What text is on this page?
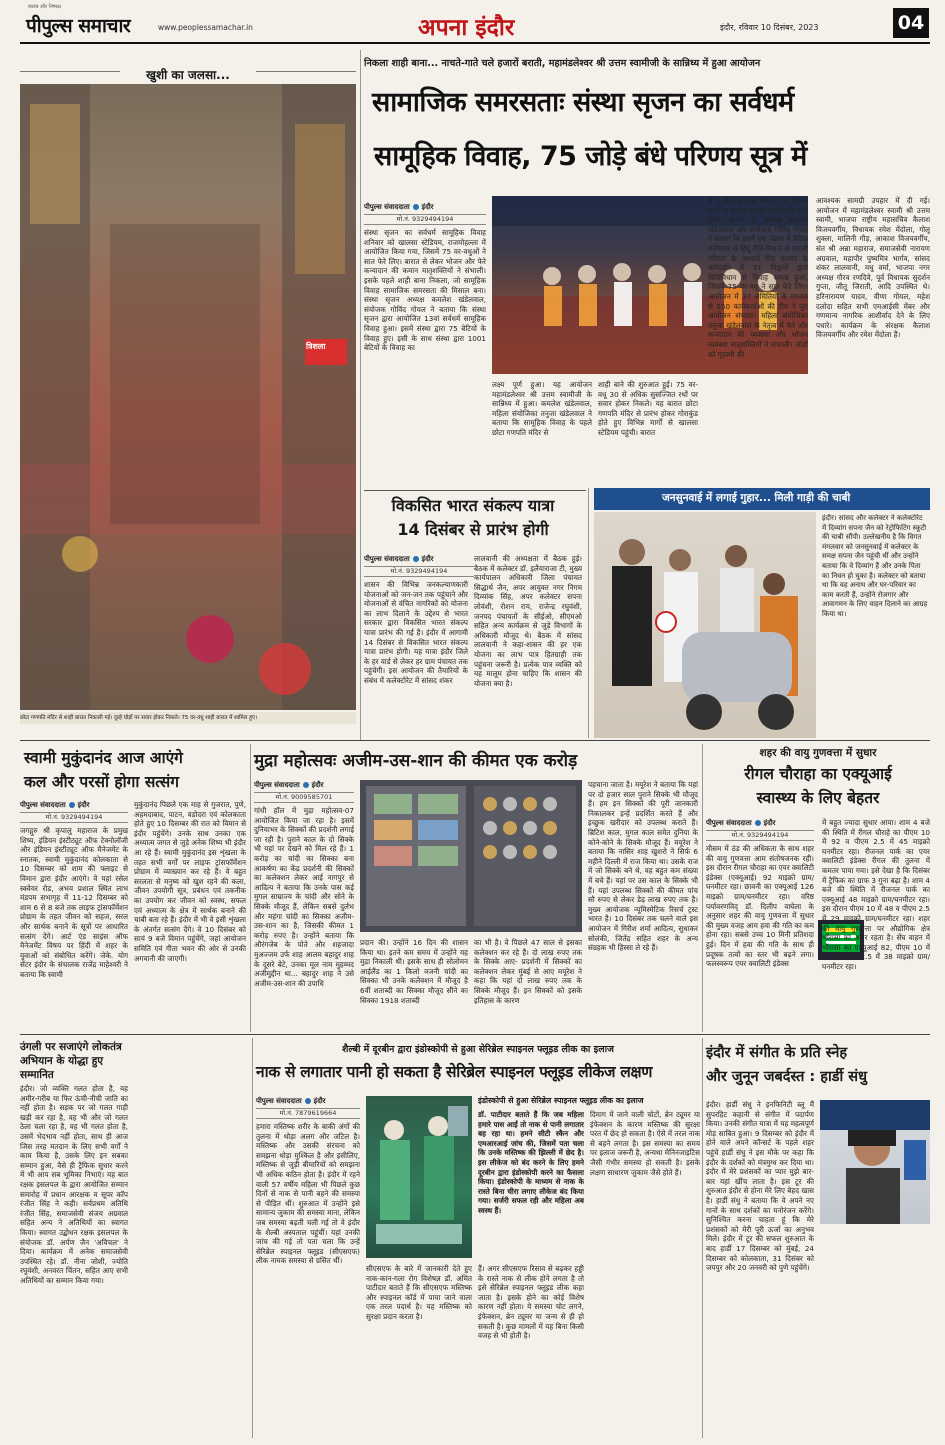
स्वतंत्र और निष्पक्ष
पीपुल्स समाचार	www.peoplessamachar.in	अपना इंदौर	इंदौर, रविवार 10 दिसंबर, 2023	04
खुशी का जलसा...
त्रिशला
छोटा गणपति मंदिर से शाही बारात निकाली गई। दूल्हे घोड़ों पर सवार होकर निकले। 75 वर-वधु शाही बारात में शामिल हुए।
निकला शाही बाना... नाचते-गाते चले हजारों बराती, महामंडलेश्वर श्री उत्तम स्वामीजी के सान्निध्य में हुआ आयोजन
सामाजिक समरसताः संस्था सृजन का सर्वधर्म
सामूहिक विवाह, 75 जोड़े बंधे परिणय सूत्र में
पीपुल्स संवाददाता इंदौर
मो.नं. 9329494194
संस्था सृजन का सर्वधर्म सामूहिक विवाह शनिवार को खालसा स्टेडियम, राजमोहल्ला में आयोजित किया गया, जिसमें 75 वर-वधुओं ने सात फेरे लिए। बारात से लेकर भोजन और फेरे कन्यादान की कमान मातृशक्तियों ने संभाली। इसके पहले शाही बाना निकला, जो सामूहिक विवाह सामाजिक समरसता की मिसाल बना। संस्था सृजन अध्यक्ष कमलेश खंडेलवाल, संयोजक गोविंद गोयल ने बताया कि संस्था सृजन द्वारा आयोजित 13वां सर्वधर्म सामूहिक विवाह हुआ। इसमें संस्था द्वारा 75 बेटियों के विवाह हुए। इसी के साथ संस्था द्वारा 1001 बेटियों के विवाह का
लक्ष्य पूर्ण हुआ। यह आयोजन महामंडलेश्वर श्री उत्तम स्वामीजी के सान्निध्य में हुआ। कमलेश खंडेलवाल, महिला संयोजिका तनुजा खंडेलवाल ने बताया कि सामूहिक विवाह के पहले छोटा गणपति मंदिर से
शाही बाने की शुरुआत हुई। 75 वर-वधू 30 से अधिक सुसज्जित रथों पर सवार होकर निकले। यह बारात छोटा गणपति मंदिर से प्रारंभ होकर गोराकुंड होते हुए विभिन्न मार्गों से खालसा स्टेडियम पहुंची। बारात
में 2 बैंड, 4 ढोल ग्राउंड, 50 ढोलक ताशे पर हजारों बराती नाचते-गाते चले। संस्था सृजन के अध्यक्ष कमलेश खंडेलवाल और संयोजक गोविंद गोयल ने बताया कि इसमें एक पंडाल में वैदिक मंत्रोच्चार से हिंदू रीति-रिवाज से गायत्री परिवार के आचार्य गित कश्यप के मार्गदर्शन में 31 विद्वानों द्वारा विधिविधान से विवाह सम्पन्न हुआ, जिसमें 75 वर-वधू ने सात फेरे लिए। आयोजन में 37 समितियों के माध्यम से 550 कार्यकर्ताओं की टीम ने पूरा आयोजन संभाला। महिला संयोजिका तनुजा खंडेलवाल के नेतृत्व में फेरे और कन्यादान की व्यवस्था और भोजन व्यवस्था मातृशक्तियों ने संभाली। जोड़ों को गृहस्थी की
आवश्यक सामग्री उपहार में दी गई। आयोजन में महामंडलेश्वर स्वामी श्री उत्तम स्वामी, भाजपा राष्ट्रीय महासचिव कैलाश विजयवर्गीय, विधायक रमेश मेंदोला, गोलू शुक्ला, मालिनी गौड़, आकाश विजयवर्गीय, संत श्री अन्ना महाराज, समाजसेवी नारायण अग्रवाल, महापौर पुष्यमित्र भार्गव, सांसद शंकर लालवानी, मधु वर्मा, भाजपा नगर अध्यक्ष गौरव रणदिवे, पूर्व विधायक सुदर्शन गुप्ता, जीतू जिराती, आदि उपस्थित थे। हरिनारायण यादव, वीणा गोयल, महेश दलोदा सहित सभी एमआईसी मेंबर और गणमान्य नागरिक आशीर्वाद देने के लिए पधारे। कार्यक्रम के संरक्षक कैलाश विजयवर्गीय और रमेश मेंदोला हैं।
विकसित भारत संकल्प यात्रा
14 दिसंबर से प्रारंभ होगी
पीपुल्स संवाददाता इंदौर
मो.नं. 9329494194
शासन की विभिन्न जनकल्याणकारी योजनाओं को जन-जन तक पहुंचाने और योजनाओं से वंचित नागरिकों को योजना का लाभ दिलाने के उद्देश्य से भारत सरकार द्वारा विकसित भारत संकल्प यात्रा प्रारंभ की गई है। इंदौर में आगामी 14 दिसंबर से विकसित भारत संकल्प यात्रा प्रारंभ होगी। यह यात्रा इंदौर जिले के हर वार्ड से लेकर हर ग्राम पंचायत तक पहुंचेगी। इस आयोजन की तैयारियों के संबंध में कलेक्टोरेट में सांसद शंकर
लालवानी की अध्यक्षता में बैठक हुई। बैठक में कलेक्टर डॉ. इलैयाराजा टी, मुख्य कार्यपालन अधिकारी जिला पंचायत सिद्धार्थ जैन, अपर आयुक्त नगर निगम दिव्यांक सिंह, अपर कलेक्टर सपना लोवंशी, रोशन राय, राजेन्द्र रघुवंशी, जनपद पंचायतों के सीईओ, सीएमओ सहित अन्य कार्यक्रम से जुड़े विभागों के अधिकारी मौजूद थे। बैठक में सांसद लालवानी ने कहा-शासन की हर एक योजना का लाभ पात्र हितग्राही तक पहुंचना जरूरी है। प्रत्येक पात्र व्यक्ति को यह मालूम होना चाहिए कि शासन की योजना क्या है।
जनसुनवाई में लगाई गुहार... मिली गाड़ी की चाबी
इंदौर। सांसद और कलेक्टर ने कलेक्टोरेट में दिव्यांग सपना जैन को रेट्रोफिटिंग स्कूटी की चाबी सौंपी। उल्लेखनीय है कि विगत मंगलवार को जनसुनवाई में कलेक्टर के समक्ष सपना जैन पहुंची थीं और उन्होंने बताया कि वे दिव्यांग हैं और उनके पिता का निधन हो चुका है। कलेक्टर को बताया था कि वह अनाथ और घर-परिवार का काम करती हैं, उन्होंने रोजगार और आवागमन के लिए वाहन दिलाने का आग्रह किया था।
स्वामी मुकुंदानंद आज आएंगे
कल और परसों होगा सत्संग
पीपुल्स संवाददाता इंदौर
मो.नं. 9329494194
जगद्गुरु श्री कृपालु महाराज के प्रमुख शिष्य, इंडियन इंस्टीट्यूट ऑफ टेक्नोलॉजी और इंडियन इंस्टीट्यूट ऑफ मैनेजमेंट के स्नातक, स्वामी मुकुंदानंद कोलकाता से 10 दिसम्बर को शाम की फ्लाइट से विमान द्वारा इंदौर आएंगे। वे यहां रसेल स्क्वेयर रोड, अभय प्रशाल स्थित लाभ मंडपम सभागृह में 11-12 दिसम्बर को शाम 6 से 8 बजे तक लाइफ ट्रांसफॉर्मेशन प्रोग्राम के तहत जीवन को सहज, सरल और सार्थक बनाने के सूत्रों पर आधारित सत्संग देंगे। आर्ट एंड साइंस ऑफ मैनेजमेंट विषय पर हिंदी में शहर के युवाओं को संबोधित करेंगे। जेके. योग सेंटर इंदौर के संचालक राजेंद्र माहेश्वरी ने बताया कि स्वामी
मुकुंदानंद पिछले एक माह से गुजरात, पुणे, अहमदाबाद, पाटन, वडोदरा एवं कोलकाता होते हुए 10 दिसम्बर की रात को विमान से इंदौर पहुंचेंगे। उनके साथ उनका एक अध्यात्म जगत से जुड़े अनेक शिष्य भी इंदौर आ रहे हैं। स्वामी मुकुंदानंद इस शृंखला के तहत सभी वर्गों पर लाइफ ट्रांसफॉर्मेशन प्रोग्राम में व्याख्यान कर रहे हैं। वे बहुत सरलता से मनुष्य को खुश रहने की कला, जीवन उपयोगी सूत्र, प्रबंधन एवं तकनीक का उपयोग कर जीवन को स्वस्थ, सफल एवं अध्यात्म के क्षेत्र में सार्थक बनाने की चाबी बता रहे हैं। इंदौर में भी वे इसी शृंखला के अंतर्गत सत्संग देंगे। वे 10 दिसंबर को सायं 9 बजे विमान पहुंचेंगे, जहां आयोजन समिति एवं गीता भवन की ओर से उनकी अगवानी की जाएगी।
मुद्रा महोत्सवः अजीम-उस-शान की कीमत एक करोड़
पीपुल्स संवाददाता इंदौर
मो.नं. 9009585701
गांधी हॉल में मुद्रा महोत्सव-07 आयोजित किया जा रहा है। इसमें दुनियाभर के सिक्कों की प्रदर्शनी लगाई जा रही है। पुराने काल के दो सिक्के भी यहां पर देखने को मिल रहे हैं। 1 करोड़ का चांदी का सिक्का बना आकर्षण का केंद्र प्रदर्शनी की सिक्कों का कलेक्शन लेकर आई नागपुर से आदित्य ने बताया कि उनके पास कई मुगल साम्राज्य के चांदी और सोने के सिक्के मौजूद हैं, लेकिन सबसे दुर्लभ और महंगा चांदी का सिक्का अजीम-उस-शान का है, जिसकी कीमत 1 करोड़ रुपए है। उन्होंने बताया कि औरंगजेब के पोते और शहजादा मुअज्जम उर्फ शाह आलम बहादुर शाह के दूसरे बेटे, उनका मूल नाम मुहम्मद अजीमुद्दीन था... बहादुर शाह ने उसे अजीम-उस-शान की उपाधि
प्रदान की। उन्होंने 16 दिन की शासन किया था। इतने कम समय में उन्होंने यह मुद्रा निकाली थी। इसके साथ ही सोलोमन आईलैंड का 1 किलो वजनी चांदी का सिक्का भी उनके कलेक्शन में मौजूद है 6वीं शताब्दी का सिक्का मौजूद सीने का सिक्का 1918 शताब्दी
का भी है। वे पिछले 47 साल से इसका कलेक्शन कर रहे हैं। दो लाख रुपए तक के सिक्के आए- प्रदर्शनी में सिक्कों का कलेक्शन लेकर मुंबई से आए मयूरेश ने कहा कि यहां दो लाख रुपए तक के सिक्के मौजूद हैं। इन सिक्कों को इसके इतिहास के कारण
पहचाना जाता है। मयूरेश ने बताया कि यहां पर दो हजार साल पुराने सिक्के भी मौजूद हैं। हम इन सिक्कों की पूरी जानकारी निकालकर इन्हें प्रदर्शित करते हैं और इच्छुक खरीदार को उपलब्ध कराते हैं। ब्रिटिश काल, मुगल काल समेत दुनिया के कोने-कोने के सिक्के मौजूद हैं। मयूरेश ने बताया कि नासिर शाह खुशरो ने सिर्फ 6 महीने दिल्ली में राज किया था। उसके राज में जो सिक्के बने थे, वह बहुत कम संख्या में बचे हैं। यहां पर उस काल के सिक्के भी हैं। यहां उपलब्ध सिक्कों की कीमत पांच सौ रुपए से लेकर डेढ़ लाख रुपए तक है। मुख्य आयोजक न्यूमिस्मेटिक रिसर्च ट्रस्ट भारत है। 10 दिसंबर तक चलने वाले इस आयोजन में गिरीश शर्मा आदित्य, सुधाकर सोलंकी, जितेंद्र सहित शहर के अन्य संग्रहक भी हिस्सा ले रहे हैं।
शहर की वायु गुणवत्ता में सुधार
रीगल चौराहा का एक्यूआई
स्वास्थ्य के लिए बेहतर
पीपुल्स संवाददाता इंदौर
मो.नं. 9329494194
मौसम में ठंड की अधिकता के साथ शहर की वायु गुणवत्ता आम संतोषजनक रही। इस दौरान रीगल चौराहा का एयर क्वालिटी इंडेक्स (एक्यूआई) 92 माइक्रो ग्राम/घनमीटर रहा। छावनी का एक्यूआई 126 माइक्रो ग्राम/घनमीटर रहा। वरिष्ठ पर्यावरणविद् डॉ. दिलीप वाघेला के अनुसार शहर की वायु गुणवत्ता में सुधार की मुख्य वजह आम हवा की गति का कम होना रहा। सबसे उच्च 10 मिनी प्रतिशदा हुई। दिन में हवा की गति के साथ ही प्रदूषक तत्वों का स्तर भी बढ़ने लगा। फलस्वरूप एयर क्वालिटी इंडेक्स
में बहुत ज्यादा सुधार आया। शाम 4 बजे की स्थिति में रीगल चौराहे का पीएम 10 में 92 व पीएम 2.5 में 45 माइक्रो घनमीटर रहा। रीजनल पार्क का एयर क्वालिटी इंडेक्स रीगल की तुलना में कमतर पाया गया। इसे देखा है कि दिसंबर में ट्रैफिक का ग्राफ 3 गुना बढ़ा है। शाम 4 बजे की स्थिति में रीजनल पार्क का एक्यूआई 48 माइक्रो ग्राम/घनमीटर रहा। इस दौरान पीएम 10 में 48 व पीएम 2.5 में 29 माइक्रो ग्राम/घनमीटर रहा। शहर की वायु गुणवत्ता पर औद्योगिक क्षेत्र भौंरासा का असर रहता है। सेंघ वाहन में भौंरासा का एक्यूआई 82, पीएम 10 में 82 व पीएम 2.5 में 38 माइक्रो ग्राम/घनमीटर रहा।
उंगली पर सजाएंगे लोकतंत्र
अभियान के योद्धा हुए
सम्मानित
इंदौर। जो व्यक्ति गलत होता है, वह अमीर-गरीब या फिर ऊंची-नीची जाति का नहीं होता है। सड़क पर जो गलत गाड़ी खड़ी कर रहा है, वह भी और जो गलत ठेला चला रहा है, वह भी गलत होता है, उसमें भेदभाव नहीं होता, साथ ही आज जिस तरह मतदान के लिए सभी वर्गों ने काम किया है, उसके लिए इन सबका सम्मान हुआ, वैसे ही ट्रैफिक सुधार करने में भी आप सब भूमिका निभाएं। यह बात रक्षक इसलपल के द्वारा आयोजित सम्मान समारोह में प्रधान आरक्षक व सूपर कॉप रंजीत सिंह ने कही। सर्वप्रथम अतिथि रंजीत सिंह, समाजसेवी संजय अग्रवाल सहित अन्य ने अतिथियों का स्वागत किया। स्वागत उद्बोधन रक्षक इसलपल के संयोजक डॉ. अर्पण जैन 'अविचल' ने दिया। कार्यक्रम में अनेक समाजसेवी उपस्थित रहे। डॉ. नीना जोशी, ज्योति रघुवंशी, अनवरत चिंतन, सहित आए सभी अतिथियों का सम्मान किया गया।
शैल्बी में दूरबीन द्वारा इंडोस्कोपी से हुआ सेरिब्रेल स्पाइनल फ्लूइड लीक का इलाज
नाक से लगातार पानी हो सकता है सेरिब्रेल स्पाइनल फ्लूइड लीकेज लक्षण
पीपुल्स संवाददाता इंदौर
मो.नं. 7879619664
हमारा मस्तिष्क शरीर के बाकी अंगों की तुलना में थोड़ा अलग और जटिल है। मस्तिष्क और उसकी संरचना को समझना थोड़ा मुश्किल है और इसीलिए, मस्तिष्क से जुड़ी बीमारियों को समझना भी अधिक कठिन होता है। इंदौर में रहने वाली 57 वर्षीय महिला भी पिछले कुछ दिनों से नाक से पानी बहने की समस्या से पीड़ित थीं। शुरुआत में उन्होंने इसे सामान्य जुकाम की समस्या माना, लेकिन जब समस्या बढ़ती चली गई तो वे इंदौर के शैल्बी अस्पताल पहुंचीं। यहां उनकी जांच की गई तो पता चला कि उन्हें सेरिब्रेल स्पाइनल फ्लूइड (सीएसएफ) लीक नामक समस्या से ग्रसित थीं।
सीएसएफ के बारे में जानकारी देते हुए नाक-कान-गला रोग विशेषज्ञ डॉ. अमित पाटीदार बताते हैं कि सीएसएफ मस्तिष्क और स्पाइनल कॉर्ड में पाया जाने वाला एक तरल पदार्थ है। यह मस्तिष्क को सुरक्षा प्रदान करता है।
हैं। अगर सीएसएफ रिसाव से बढ़कर हड्डी के रास्ते नाक से लीक होने लगता है तो इसे सेरिब्रेल स्पाइनल फ्लूइड लीक कहा जाता है। इसके होने का कोई विशेष कारण नहीं होता। ये समस्या चोट लगने, इंफेक्शन, ब्रेन ट्यूमर या जन्म से ही हो सकती है। कुछ मामलों में यह बिना किसी वजह से भी होती है।
इंडोस्कोपी से हुआ सेरिब्रेल स्पाइनल फ्लूइड लीक का इलाज
डॉ. पाटीदार बताते हैं कि जब महिला हमारे पास आईं तो नाक से पानी लगातार बह रहा था। हमने सीटी स्कैन और एमआरआई जांच की, जिसमें पता चला कि उनके मस्तिष्क की झिल्ली में छेद है। इस लीकेज को बंद करने के लिए हमने दूरबीन द्वारा इंडोस्कोपी करने का फैसला किया। इंडोस्कोपी के माध्यम से नाक के रास्ते बिना चीरा लगाए लीकेज बंद किया गया। सर्जरी सफल रही और महिला अब स्वस्थ हैं।
दिमाग में जाने वाली चोटों, ब्रेन ट्यूमर या इंफेक्शन के कारण मस्तिष्क की सुरक्षा परत में छेद हो सकता है। ऐसे में तरल नाक से बहने लगता है। इस समस्या का समय पर इलाज जरूरी है, अन्यथा मेनिनजाइटिस जैसी गंभीर समस्या हो सकती है। इसके लक्षण साधारण जुकाम जैसे होते हैं।
इंदौर में संगीत के प्रति स्नेह
और जुनून जबर्दस्त : हार्डी संधु
इंदौर। हार्डी संधु ने इनफिनिटी ब्लू मैं सुपरहिट कहानी से संगीत में पदार्पण किया। उनकी संगीत यात्रा में यह महत्वपूर्ण मोड़ साबित हुआ। 9 दिसम्बर को इंदौर में होने वाले अपने कॉन्सर्ट के पहले शहर पहुंचे हार्डी संधु ने इस मौके पर कहा कि इंदौर के दर्शकों को मंत्रमुग्ध कर दिया था। इंदौर में मेरे प्रशंसकों का प्यार मुझे बार-बार यहां खींच लाता है। इस टूर की शुरुआत इंदौर से होना मेरे लिए बेहद खास है। हार्डी संधु ने बताया कि वे अपने नए गानों के साथ दर्शकों का मनोरंजन करेंगे। सुनिश्चित करना चाहता हूं कि मेरे प्रशंसकों को मेरी पूरी ऊर्जा का अनुभव मिले। इंदौर में टूर की सफल शुरुआत के बाद हार्डी 17 दिसम्बर को मुंबई, 24 दिसम्बर को कोलकाता, 31 दिसंबर को जयपुर और 20 जनवरी को पुणे पहुंचेंगे।
